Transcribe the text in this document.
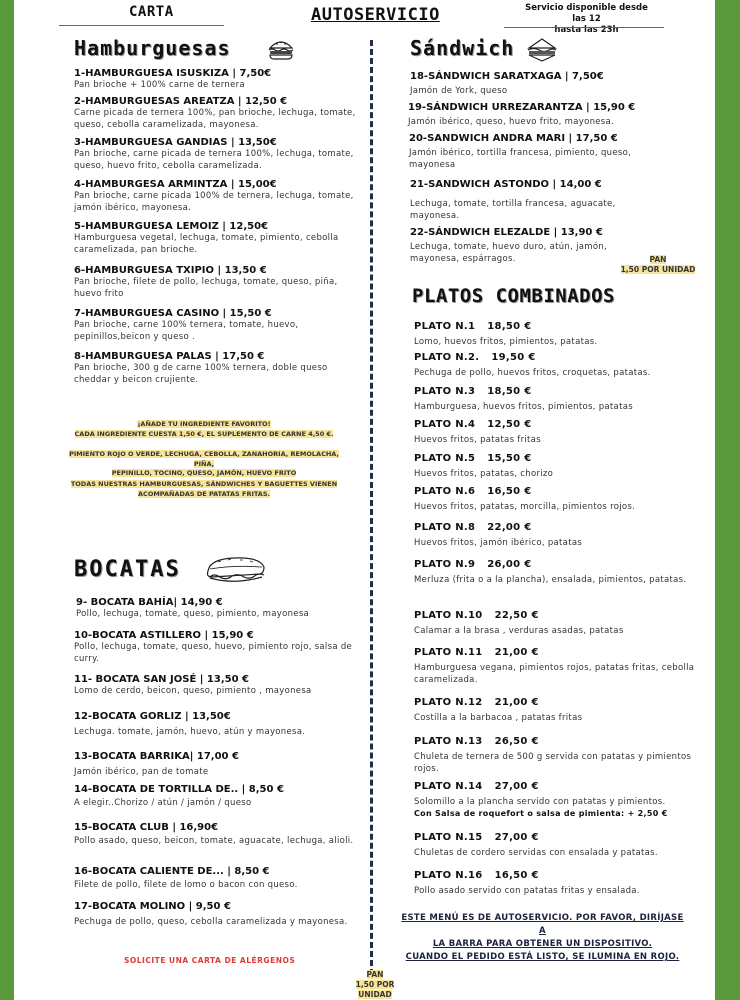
CARTA	AUTOSERVICIO	Servicio disponible desde las 12
hasta las 23h
Hamburguesas
1-HAMBURGUESA ISUSKIZA | 7,50€
Pan brioche + 100% carne de ternera
2-HAMBURGUESAS AREATZA | 12,50 €
Carne picada de ternera 100%, pan brioche, lechuga, tomate, queso, cebolla caramelizada, mayonesa.
3-HAMBURGUESA GANDIAS | 13,50€
Pan brioche, carne picada de ternera 100%, lechuga, tomate, queso, huevo frito, cebolla caramelizada.
4-HAMBURGESA ARMINTZA | 15,00€
Pan brioche, carne picada 100% de ternera, lechuga, tomate, jamón ibérico, mayonesa.
5-HAMBURGUESA LEMOIZ | 12,50€
Hamburguesa vegetal, lechuga, tomate, pimiento, cebolla caramelizada, pan brioche.
6-HAMBURGUESA TXIPIO | 13,50 €
Pan brioche, filete de pollo, lechuga, tomate, queso, piña, huevo frito
7-HAMBURGUESA CASINO | 15,50 €
Pan brioche, carne 100% ternera, tomate, huevo, pepinillos,beicon y queso .
8-HAMBURGUESA PALAS | 17,50 €
Pan brioche, 300 g de carne 100% ternera, doble queso cheddar y beicon crujiente.
¡AÑADE TU INGREDIENTE FAVORITO!
CADA INGREDIENTE CUESTA 1,50 €, EL SUPLEMENTO DE CARNE 4,50 €.
PIMIENTO ROJO O VERDE, LECHUGA, CEBOLLA, ZANAHORIA, REMOLACHA, PIÑA,
PEPINILLO, TOCINO, QUESO, JAMÓN, HUEVO FRITO
TODAS NUESTRAS HAMBURGUESAS, SÁNDWICHES Y BAGUETTES VIENEN
ACOMPAÑADAS DE PATATAS FRITAS.
BOCATAS
9- BOCATA BAHÍA| 14,90 €
Pollo, lechuga, tomate, queso, pimiento, mayonesa
10-BOCATA ASTILLERO | 15,90 €
Pollo, lechuga, tomate, queso, huevo, pimiento rojo, salsa de curry.
11- BOCATA SAN JOSÉ | 13,50 €
Lomo de cerdo, beicon, queso, pimiento , mayonesa
12-BOCATA GORLIZ | 13,50€
Lechuga. tomate, jamón, huevo, atún y mayonesa.
13-BOCATA BARRIKA| 17,00 €
Jamón ibérico, pan de tomate
14-BOCATA DE TORTILLA DE.. | 8,50 €
A elegir..Chorizo / atún / jamón / queso
15-BOCATA CLUB | 16,90€
Pollo asado, queso, beicon, tomate, aguacate, lechuga, alioli.
16-BOCATA CALIENTE DE... | 8,50 €
Filete de pollo, filete de lomo o bacon con queso.
17-BOCATA MOLINO | 9,50 €
Pechuga de pollo, queso, cebolla caramelizada y mayonesa.
SOLICITE UNA CARTA DE ALÉRGENOS
PAN
1,50 POR UNIDAD
Sándwich
18-SÁNDWICH SARATXAGA | 7,50€
Jamón de York, queso
19-SÁNDWICH URREZARANTZA | 15,90 €
Jamón ibérico, queso, huevo frito, mayonesa.
20-SANDWICH ANDRA MARI | 17,50 €
Jamón ibérico, tortilla francesa, pimiento, queso, mayonesa
21-SANDWICH ASTONDO | 14,00 €
Lechuga, tomate, tortilla francesa, aguacate, mayonesa.
22-SÁNDWICH ELEZALDE | 13,90 €
Lechuga, tomate, huevo duro, atún, jamón, mayonesa, espárragos.	PAN
1,50 POR UNIDAD
PLATOS COMBINADOS
PLATO N.1 18,50 €
Lomo, huevos fritos, pimientos, patatas.
PLATO N.2. 19,50 €
Pechuga de pollo, huevos fritos, croquetas, patatas.
PLATO N.3 18,50 €
Hamburguesa, huevos fritos, pimientos, patatas
PLATO N.4 12,50 €
Huevos fritos, patatas fritas
PLATO N.5 15,50 €
Huevos fritos, patatas, chorizo
PLATO N.6 16,50 €
Huevos fritos, patatas, morcilla, pimientos rojos.
PLATO N.8 22,00 €
Huevos fritos, jamón ibérico, patatas
PLATO N.9 26,00 €
Merluza (frita o a la plancha), ensalada, pimientos, patatas.
PLATO N.10 22,50 €
Calamar a la brasa , verduras asadas, patatas
PLATO N.11 21,00 €
Hamburguesa vegana, pimientos rojos, patatas fritas, cebolla caramelizada.
PLATO N.12 21,00 €
Costilla a la barbacoa , patatas fritas
PLATO N.13 26,50 €
Chuleta de ternera de 500 g servida con patatas y pimientos rojos.
PLATO N.14 27,00 €
Solomillo a la plancha servido con patatas y pimientos.
Con Salsa de roquefort o salsa de pimienta: + 2,50 €
PLATO N.15 27,00 €
Chuletas de cordero servidas con ensalada y patatas.
PLATO N.16 16,50 €
Pollo asado servido con patatas fritas y ensalada.
ESTE MENÚ ES DE AUTOSERVICIO. POR FAVOR, DIRÍJASE A
LA BARRA PARA OBTENER UN DISPOSITIVO.
CUANDO EL PEDIDO ESTÁ LISTO, SE ILUMINA EN ROJO.
